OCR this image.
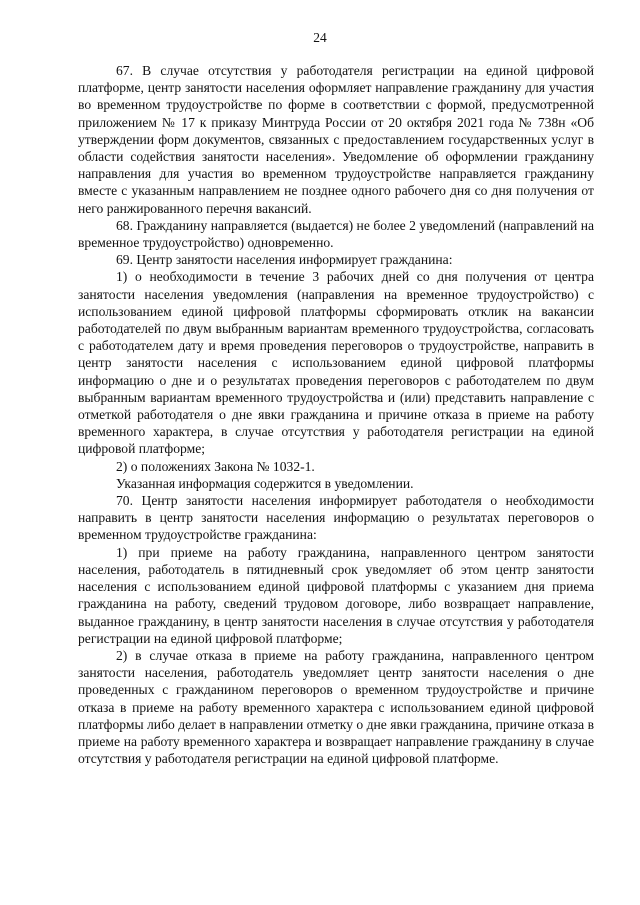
24

67. В случае отсутствия у работодателя регистрации на единой цифровой платформе, центр занятости населения оформляет направление гражданину для участия во временном трудоустройстве по форме в соответствии с формой, предусмотренной приложением № 17 к приказу Минтруда России от 20 октября 2021 года № 738н «Об утверждении форм документов, связанных с предоставлением государственных услуг в области содействия занятости населения». Уведомление об оформлении гражданину направления для участия во временном трудоустройстве направляется гражданину вместе с указанным направлением не позднее одного рабочего дня со дня получения от него ранжированного перечня вакансий.

68. Гражданину направляется (выдается) не более 2 уведомлений (направлений на временное трудоустройство) одновременно.

69. Центр занятости населения информирует гражданина:

1) о необходимости в течение 3 рабочих дней со дня получения от центра занятости населения уведомления (направления на временное трудоустройство) с использованием единой цифровой платформы сформировать отклик на вакансии работодателей по двум выбранным вариантам временного трудоустройства, согласовать с работодателем дату и время проведения переговоров о трудоустройстве, направить в центр занятости населения с использованием единой цифровой платформы информацию о дне и о результатах проведения переговоров с работодателем по двум выбранным вариантам временного трудоустройства и (или) представить направление с отметкой работодателя о дне явки гражданина и причине отказа в приеме на работу временного характера, в случае отсутствия у работодателя регистрации на единой цифровой платформе;

2) о положениях Закона № 1032-1.

Указанная информация содержится в уведомлении.

70. Центр занятости населения информирует работодателя о необходимости направить в центр занятости населения информацию о результатах переговоров о временном трудоустройстве гражданина:

1) при приеме на работу гражданина, направленного центром занятости населения, работодатель в пятидневный срок уведомляет об этом центр занятости населения с использованием единой цифровой платформы с указанием дня приема гражданина на работу, сведений трудовом договоре, либо возвращает направление, выданное гражданину, в центр занятости населения в случае отсутствия у работодателя регистрации на единой цифровой платформе;

2) в случае отказа в приеме на работу гражданина, направленного центром занятости населения, работодатель уведомляет центр занятости населения о дне проведенных с гражданином переговоров о временном трудоустройстве и причине отказа в приеме на работу временного характера с использованием единой цифровой платформы либо делает в направлении отметку о дне явки гражданина, причине отказа в приеме на работу временного характера и возвращает направление гражданину в случае отсутствия у работодателя регистрации на единой цифровой платформе.
